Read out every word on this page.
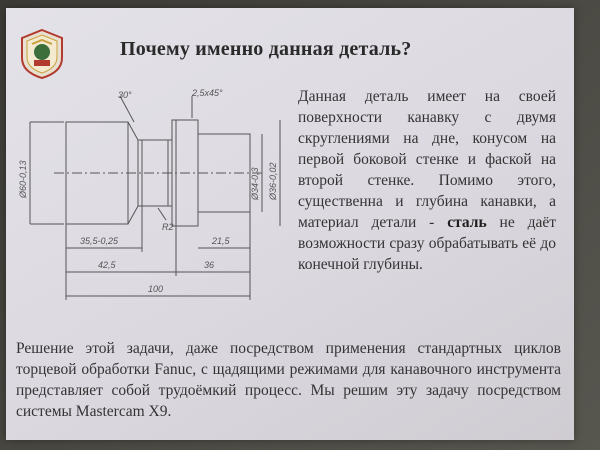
Почему именно данная деталь?
30°	2,5х45°
Ø60-0,13	Ø34-0,3 Ø36-0,02
R2
35,5-0,25	21,5
42,5	36
100
Данная деталь имеет на своей поверхности канавку с двумя скруглениями на дне, конусом на первой боковой стенке и фаской на второй стенке. Помимо этого, существенна и глубина канавки, а материал детали - сталь не даёт возможности сразу обрабатывать её до конечной глубины.
Решение этой задачи, даже посредством применения стандартных циклов торцевой обработки Fanuc, с щадящими режимами для канавочного инструмента представляет собой трудоёмкий процесс. Мы решим эту задачу посредством системы Mastercam X9.
